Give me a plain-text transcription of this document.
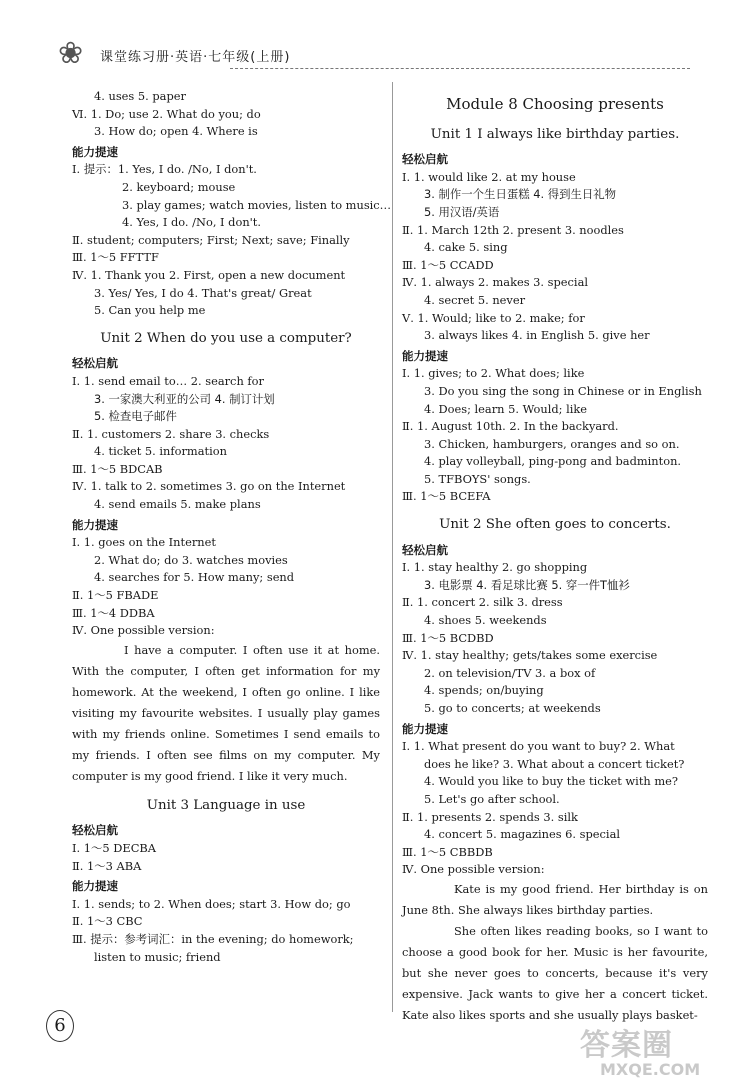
❀ 课堂练习册·英语·七年级(上册)
4. uses 5. paper
Ⅵ. 1. Do; use 2. What do you; do
3. How do; open 4. Where is
能力提速
Ⅰ. 提示：1. Yes, I do. /No, I don't.
2. keyboard; mouse
3. play games; watch movies, listen to music…
4. Yes, I do. /No, I don't.
Ⅱ. student; computers; First; Next; save; Finally
Ⅲ. 1～5 FFTTF
Ⅳ. 1. Thank you 2. First, open a new document
3. Yes/ Yes, I do 4. That's great/ Great
5. Can you help me
Unit 2 When do you use a computer?
轻松启航
Ⅰ. 1. send email to… 2. search for
3. 一家澳大利亚的公司 4. 制订计划
5. 检查电子邮件
Ⅱ. 1. customers 2. share 3. checks
4. ticket 5. information
Ⅲ. 1～5 BDCAB
Ⅳ. 1. talk to 2. sometimes 3. go on the Internet
4. send emails 5. make plans
能力提速
Ⅰ. 1. goes on the Internet
2. What do; do 3. watches movies
4. searches for 5. How many; send
Ⅱ. 1～5 FBADE
Ⅲ. 1～4 DDBA
Ⅳ. One possible version:
I have a computer. I often use it at home. With the computer, I often get information for my homework. At the weekend, I often go online. I like visiting my favourite websites. I usually play games with my friends online. Sometimes I send emails to my friends. I often see films on my computer. My computer is my good friend. I like it very much.
Unit 3 Language in use
轻松启航
Ⅰ. 1～5 DECBA
Ⅱ. 1～3 ABA
能力提速
Ⅰ. 1. sends; to 2. When does; start 3. How do; go
Ⅱ. 1～3 CBC
Ⅲ. 提示：参考词汇：in the evening; do homework;
listen to music; friend
Module 8 Choosing presents
Unit 1 I always like birthday parties.
轻松启航
Ⅰ. 1. would like 2. at my house
3. 制作一个生日蛋糕 4. 得到生日礼物
5. 用汉语/英语
Ⅱ. 1. March 12th 2. present 3. noodles
4. cake 5. sing
Ⅲ. 1～5 CCADD
Ⅳ. 1. always 2. makes 3. special
4. secret 5. never
Ⅴ. 1. Would; like to 2. make; for
3. always likes 4. in English 5. give her
能力提速
Ⅰ. 1. gives; to 2. What does; like
3. Do you sing the song in Chinese or in English
4. Does; learn 5. Would; like
Ⅱ. 1. August 10th. 2. In the backyard.
3. Chicken, hamburgers, oranges and so on.
4. play volleyball, ping-pong and badminton.
5. TFBOYS' songs.
Ⅲ. 1～5 BCEFA
Unit 2 She often goes to concerts.
轻松启航
Ⅰ. 1. stay healthy 2. go shopping
3. 电影票 4. 看足球比赛 5. 穿一件T恤衫
Ⅱ. 1. concert 2. silk 3. dress
4. shoes 5. weekends
Ⅲ. 1～5 BCDBD
Ⅳ. 1. stay healthy; gets/takes some exercise
2. on television/TV 3. a box of
4. spends; on/buying
5. go to concerts; at weekends
能力提速
Ⅰ. 1. What present do you want to buy? 2. What
does he like? 3. What about a concert ticket?
4. Would you like to buy the ticket with me?
5. Let's go after school.
Ⅱ. 1. presents 2. spends 3. silk
4. concert 5. magazines 6. special
Ⅲ. 1～5 CBBDB
Ⅳ. One possible version:
Kate is my good friend. Her birthday is on June 8th. She always likes birthday parties.
She often likes reading books, so I want to choose a good book for her. Music is her favourite, but she never goes to concerts, because it's very expensive. Jack wants to give her a concert ticket. Kate also likes sports and she usually plays basket-
6
答案圈
MXQE.COM
